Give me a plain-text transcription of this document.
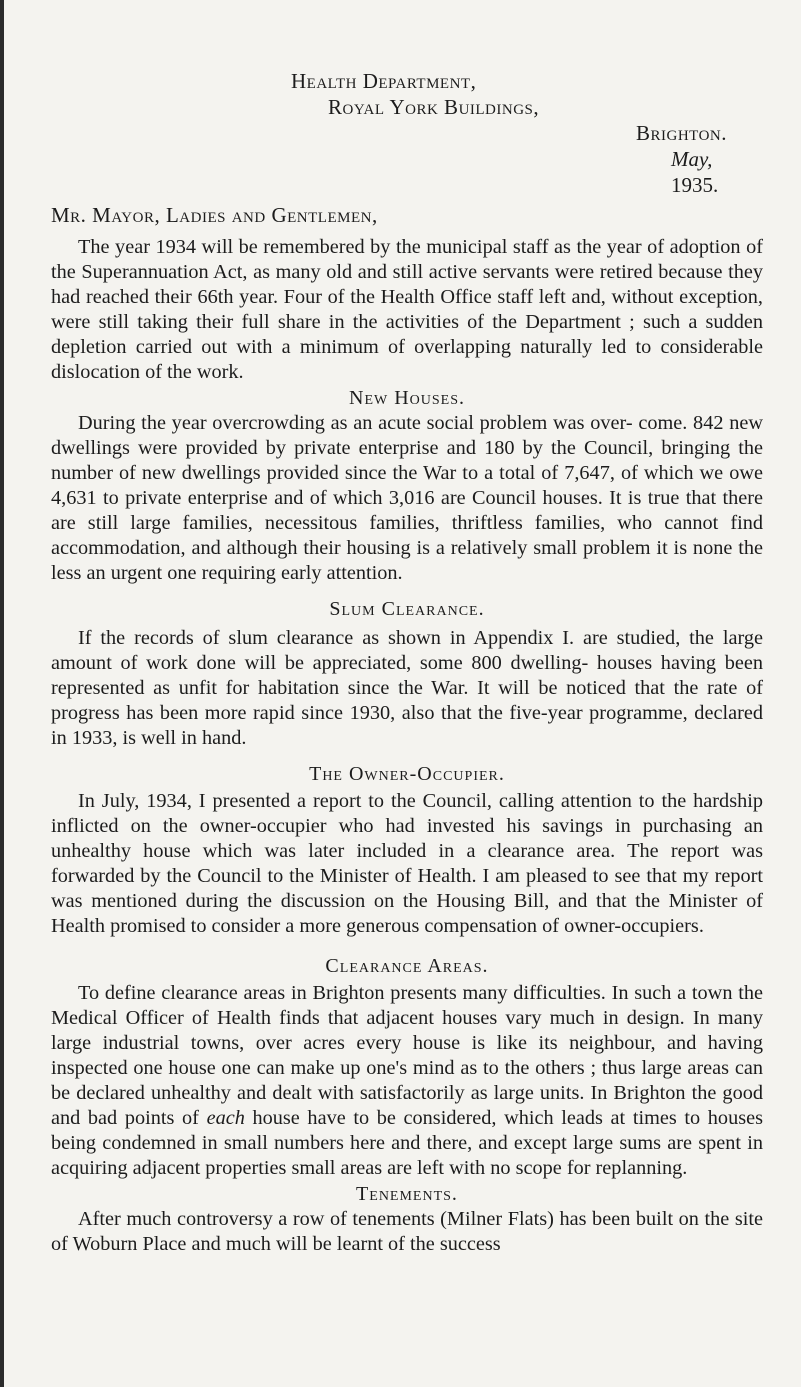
Health Department,
Royal York Buildings,
Brighton.
May, 1935.
Mr. Mayor, Ladies and Gentlemen,

The year 1934 will be remembered by the municipal staff as the year of adoption of the Superannuation Act, as many old and still active servants were retired because they had reached their 66th year. Four of the Health Office staff left and, without exception, were still taking their full share in the activities of the Department ; such a sudden depletion carried out with a minimum of overlapping naturally led to considerable dislocation of the work.

New Houses.

During the year overcrowding as an acute social problem was over- come. 842 new dwellings were provided by private enterprise and 180 by the Council, bringing the number of new dwellings provided since the War to a total of 7,647, of which we owe 4,631 to private enterprise and of which 3,016 are Council houses. It is true that there are still large families, necessitous families, thriftless families, who cannot find accommodation, and although their housing is a relatively small problem it is none the less an urgent one requiring early attention.

Slum Clearance.

If the records of slum clearance as shown in Appendix I. are studied, the large amount of work done will be appreciated, some 800 dwelling- houses having been represented as unfit for habitation since the War. It will be noticed that the rate of progress has been more rapid since 1930, also that the five-year programme, declared in 1933, is well in hand.

The Owner-Occupier.

In July, 1934, I presented a report to the Council, calling attention to the hardship inflicted on the owner-occupier who had invested his savings in purchasing an unhealthy house which was later included in a clearance area. The report was forwarded by the Council to the Minister of Health. I am pleased to see that my report was mentioned during the discussion on the Housing Bill, and that the Minister of Health promised to consider a more generous compensation of owner-occupiers.

Clearance Areas.

To define clearance areas in Brighton presents many difficulties. In such a town the Medical Officer of Health finds that adjacent houses vary much in design. In many large industrial towns, over acres every house is like its neighbour, and having inspected one house one can make up one's mind as to the others ; thus large areas can be declared unhealthy and dealt with satisfactorily as large units. In Brighton the good and bad points of each house have to be considered, which leads at times to houses being condemned in small numbers here and there, and except large sums are spent in acquiring adjacent properties small areas are left with no scope for replanning.

Tenements.

After much controversy a row of tenements (Milner Flats) has been built on the site of Woburn Place and much will be learnt of the success
